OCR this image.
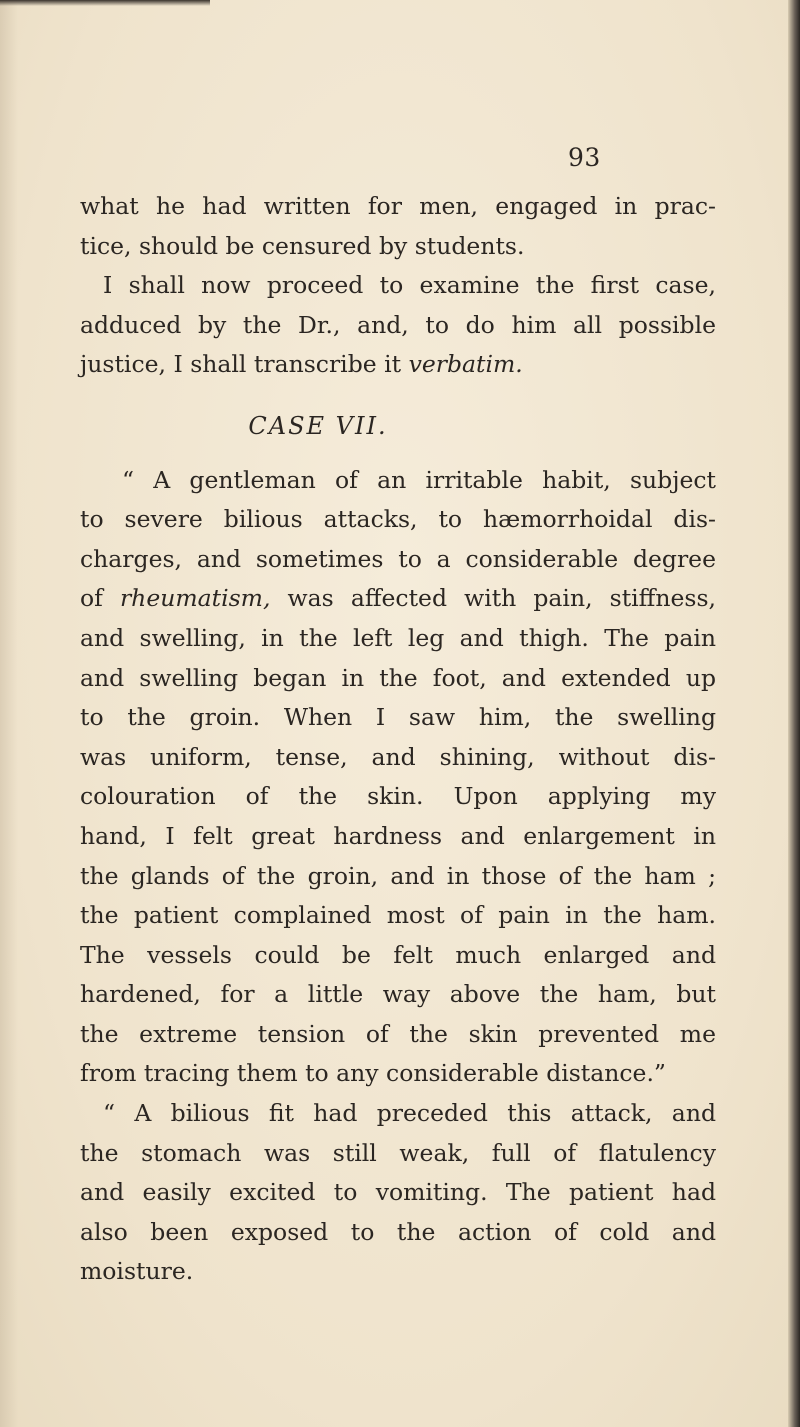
93
what he had written for men, engaged in prac-
tice, should be censured by students.
I shall now proceed to examine the first case,
adduced by the Dr., and, to do him all possible
justice, I shall transcribe it verbatim.
CASE VII.
“ A gentleman of an irritable habit, subject
to severe bilious attacks, to hæmorrhoidal dis-
charges, and sometimes to a considerable degree
of rheumatism, was affected with pain, stiffness,
and swelling, in the left leg and thigh. The pain
and swelling began in the foot, and extended up
to the groin. When I saw him, the swelling
was uniform, tense, and shining, without dis-
colouration of the skin. Upon applying my
hand, I felt great hardness and enlargement in
the glands of the groin, and in those of the ham ;
the patient complained most of pain in the ham.
The vessels could be felt much enlarged and
hardened, for a little way above the ham, but
the extreme tension of the skin prevented me
from tracing them to any considerable distance.”
“ A bilious fit had preceded this attack, and
the stomach was still weak, full of flatulency
and easily excited to vomiting. The patient had
also been exposed to the action of cold and
moisture.
